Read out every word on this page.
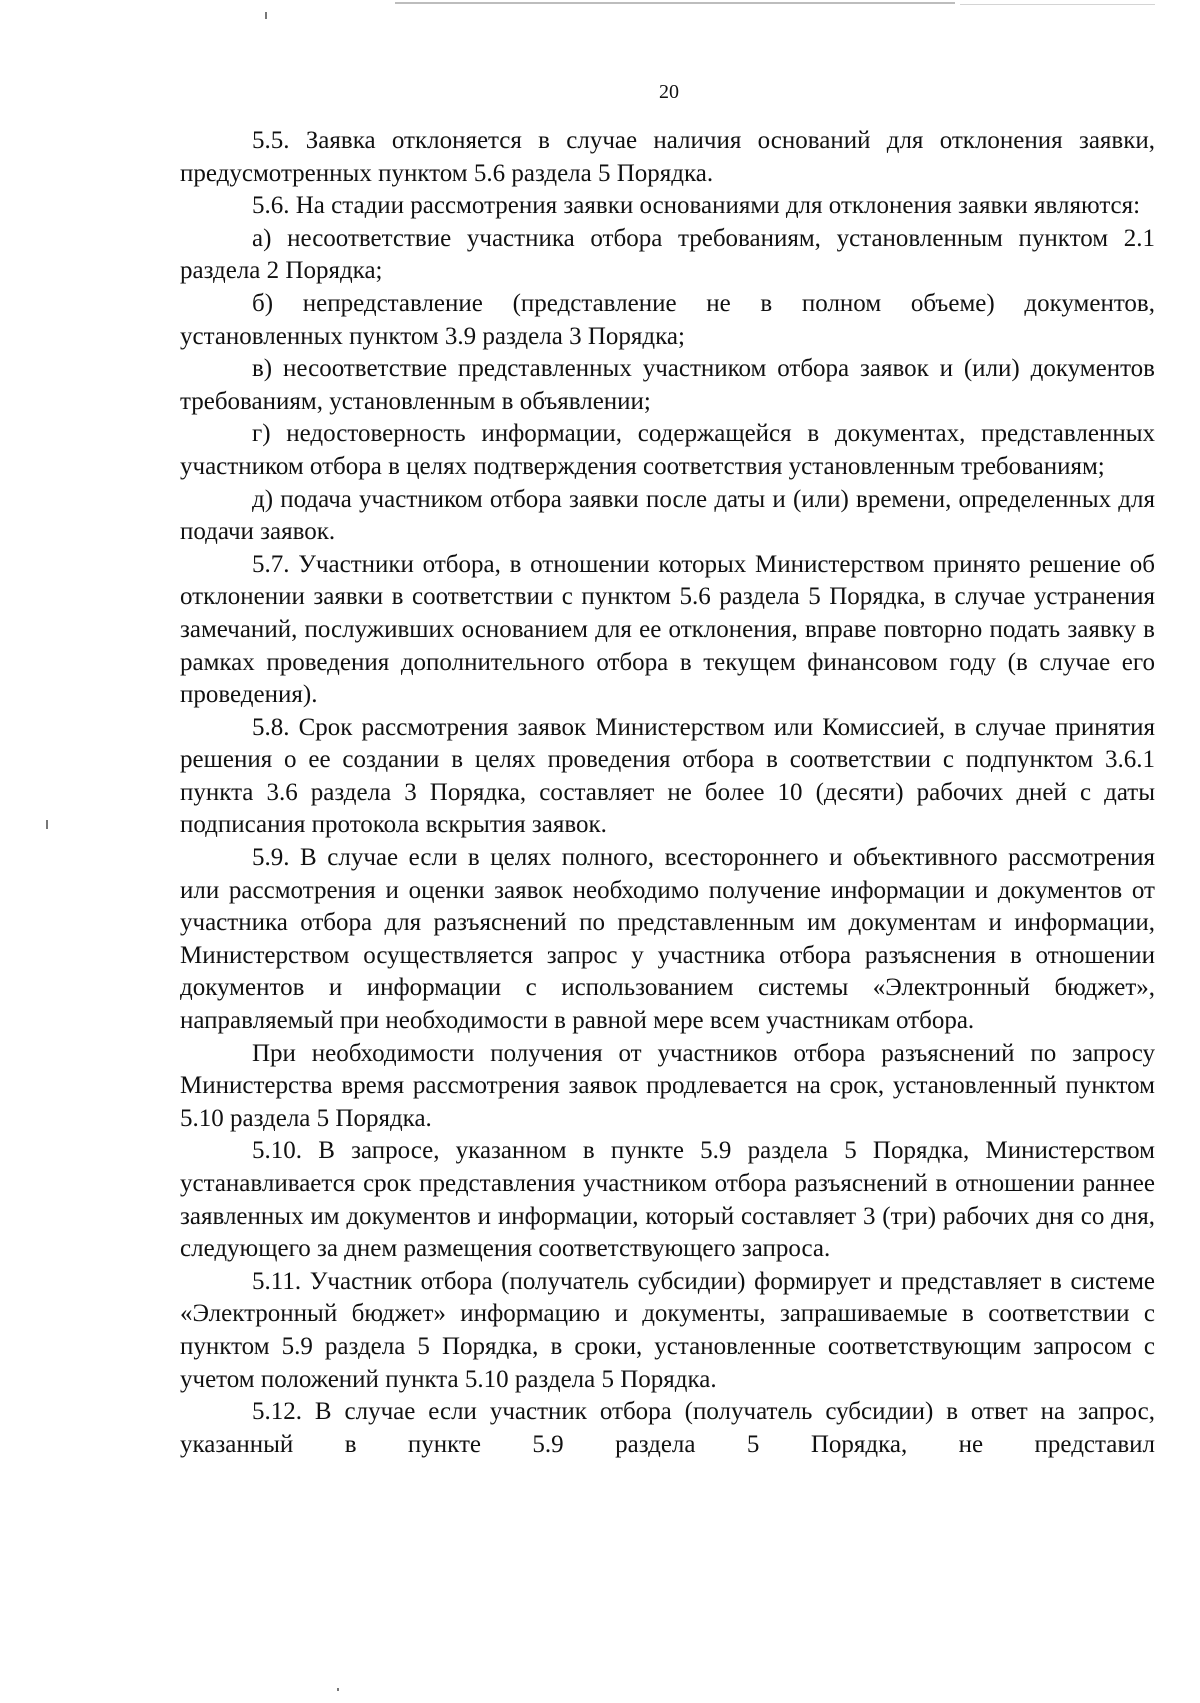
20

5.5. Заявка отклоняется в случае наличия оснований для отклонения заявки, предусмотренных пунктом 5.6 раздела 5 Порядка.

5.6. На стадии рассмотрения заявки основаниями для отклонения заявки являются:

а) несоответствие участника отбора требованиям, установленным пунктом 2.1 раздела 2 Порядка;

б) непредставление (представление не в полном объеме) документов, установленных пунктом 3.9 раздела 3 Порядка;

в) несоответствие представленных участником отбора заявок и (или) документов требованиям, установленным в объявлении;

г) недостоверность информации, содержащейся в документах, представленных участником отбора в целях подтверждения соответствия установленным требованиям;

д) подача участником отбора заявки после даты и (или) времени, определенных для подачи заявок.

5.7. Участники отбора, в отношении которых Министерством принято решение об отклонении заявки в соответствии с пунктом 5.6 раздела 5 Порядка, в случае устранения замечаний, послуживших основанием для ее отклонения, вправе повторно подать заявку в рамках проведения дополнительного отбора в текущем финансовом году (в случае его проведения).

5.8. Срок рассмотрения заявок Министерством или Комиссией, в случае принятия решения о ее создании в целях проведения отбора в соответствии с подпунктом 3.6.1 пункта 3.6 раздела 3 Порядка, составляет не более 10 (десяти) рабочих дней с даты подписания протокола вскрытия заявок.

5.9. В случае если в целях полного, всестороннего и объективного рассмотрения или рассмотрения и оценки заявок необходимо получение информации и документов от участника отбора для разъяснений по представленным им документам и информации, Министерством осуществляется запрос у участника отбора разъяснения в отношении документов и информации с использованием системы «Электронный бюджет», направляемый при необходимости в равной мере всем участникам отбора.

При необходимости получения от участников отбора разъяснений по запросу Министерства время рассмотрения заявок продлевается на срок, установленный пунктом 5.10 раздела 5 Порядка.

5.10. В запросе, указанном в пункте 5.9 раздела 5 Порядка, Министерством устанавливается срок представления участником отбора разъяснений в отношении раннее заявленных им документов и информации, который составляет 3 (три) рабочих дня со дня, следующего за днем размещения соответствующего запроса.

5.11. Участник отбора (получатель субсидии) формирует и представляет в системе «Электронный бюджет» информацию и документы, запрашиваемые в соответствии с пунктом 5.9 раздела 5 Порядка, в сроки, установленные соответствующим запросом с учетом положений пункта 5.10 раздела 5 Порядка.

5.12. В случае если участник отбора (получатель субсидии) в ответ на запрос, указанный в пункте 5.9 раздела 5 Порядка, не представил
